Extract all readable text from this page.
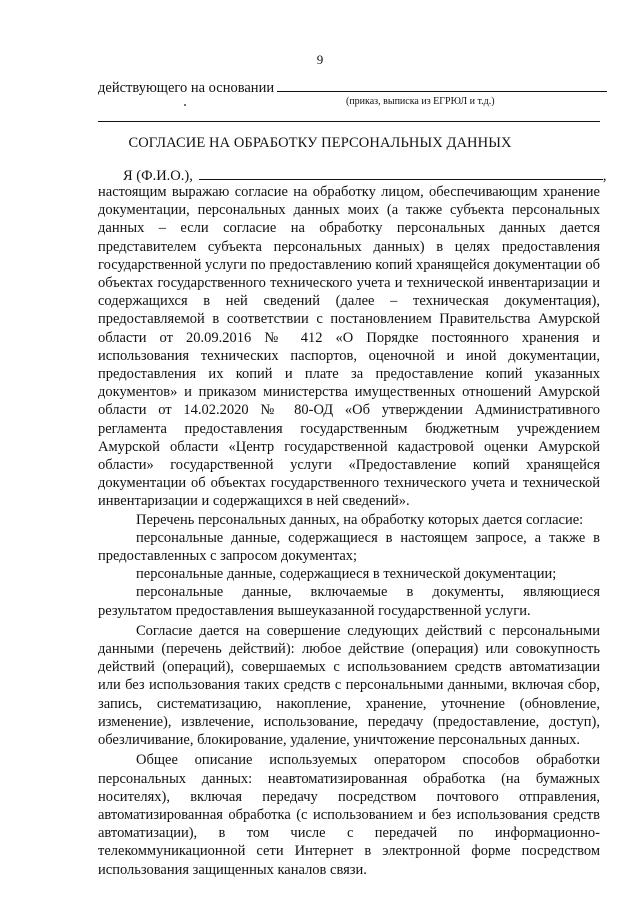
9
действующего на основании
(приказ, выписка из ЕГРЮЛ и т.д.)
СОГЛАСИЕ НА ОБРАБОТКУ ПЕРСОНАЛЬНЫХ ДАННЫХ
Я (Ф.И.О.),	,

настоящим выражаю согласие на обработку лицом, обеспечивающим хранение документации, персональных данных моих (а также субъекта персональных данных – если согласие на обработку персональных данных дается представителем субъекта персональных данных) в целях предоставления государственной услуги по предоставлению копий хранящейся документации об объектах государственного технического учета и технической инвентаризации и содержащихся в ней сведений (далее – техническая документация), предоставляемой в соответствии с постановлением Правительства Амурской области от 20.09.2016 № 412 «О Порядке постоянного хранения и использования технических паспортов, оценочной и иной документации, предоставления их копий и плате за предоставление копий указанных документов» и приказом министерства имущественных отношений Амурской области от 14.02.2020 № 80-ОД «Об утверждении Административного регламента предоставления государственным бюджетным учреждением Амурской области «Центр государственной кадастровой оценки Амурской области» государственной услуги «Предоставление копий хранящейся документации об объектах государственного технического учета и технической инвентаризации и содержащихся в ней сведений».

Перечень персональных данных, на обработку которых дается согласие:

персональные данные, содержащиеся в настоящем запросе, а также в предоставленных с запросом документах;

персональные данные, содержащиеся в технической документации;

персональные данные, включаемые в документы, являющиеся результатом предоставления вышеуказанной государственной услуги.

Согласие дается на совершение следующих действий с персональными данными (перечень действий): любое действие (операция) или совокупность действий (операций), совершаемых с использованием средств автоматизации или без использования таких средств с персональными данными, включая сбор, запись, систематизацию, накопление, хранение, уточнение (обновление, изменение), извлечение, использование, передачу (предоставление, доступ), обезличивание, блокирование, удаление, уничтожение персональных данных.

Общее описание используемых оператором способов обработки персональных данных: неавтоматизированная обработка (на бумажных носителях), включая передачу посредством почтового отправления, автоматизированная обработка (с использованием и без использования средств автоматизации), в том числе с передачей по информационно-телекоммуникационной сети Интернет в электронной форме посредством использования защищенных каналов связи.
